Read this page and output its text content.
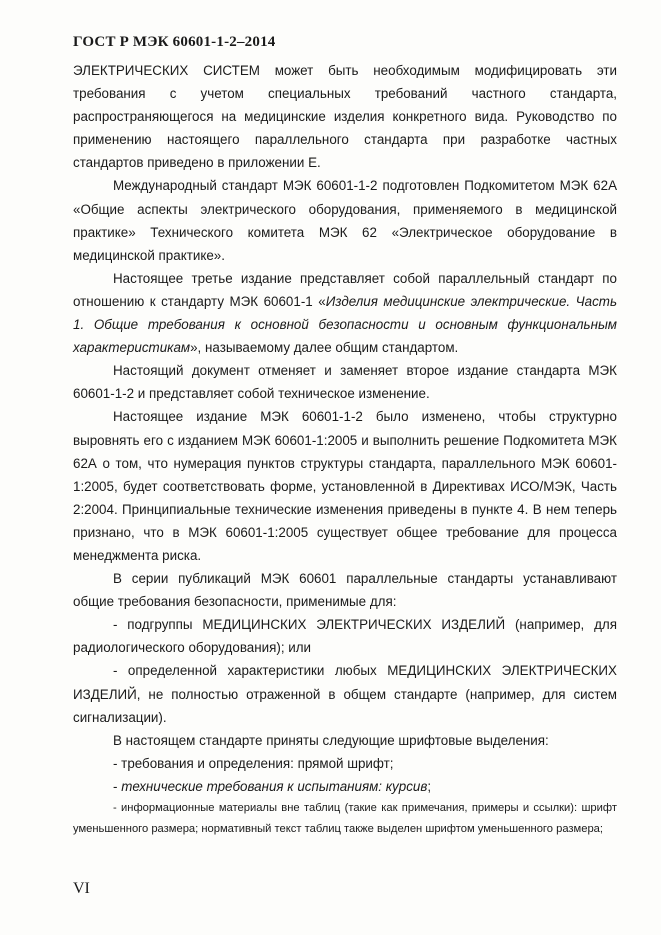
ГОСТ Р МЭК 60601-1-2–2014

ЭЛЕКТРИЧЕСКИХ СИСТЕМ может быть необходимым модифицировать эти требования с учетом специальных требований частного стандарта, распространяющегося на медицинские изделия конкретного вида. Руководство по применению настоящего параллельного стандарта при разработке частных стандартов приведено в приложении Е.

Международный стандарт МЭК 60601-1-2 подготовлен Подкомитетом МЭК 62А «Общие аспекты электрического оборудования, применяемого в медицинской практике» Технического комитета МЭК 62 «Электрическое оборудование в медицинской практике».

Настоящее третье издание представляет собой параллельный стандарт по отношению к стандарту МЭК 60601-1 «Изделия медицинские электрические. Часть 1. Общие требования к основной безопасности и основным функциональным характеристикам», называемому далее общим стандартом.

Настоящий документ отменяет и заменяет второе издание стандарта МЭК 60601-1-2 и представляет собой техническое изменение.

Настоящее издание МЭК 60601-1-2 было изменено, чтобы структурно выровнять его с изданием МЭК 60601-1:2005 и выполнить решение Подкомитета МЭК 62А о том, что нумерация пунктов структуры стандарта, параллельного МЭК 60601-1:2005, будет соответствовать форме, установленной в Директивах ИСО/МЭК, Часть 2:2004. Принципиальные технические изменения приведены в пункте 4. В нем теперь признано, что в МЭК 60601-1:2005 существует общее требование для процесса менеджмента риска.

В серии публикаций МЭК 60601 параллельные стандарты устанавливают общие требования безопасности, применимые для:

- подгруппы МЕДИЦИНСКИХ ЭЛЕКТРИЧЕСКИХ ИЗДЕЛИЙ (например, для радиологического оборудования); или

- определенной характеристики любых МЕДИЦИНСКИХ ЭЛЕКТРИЧЕСКИХ ИЗДЕЛИЙ, не полностью отраженной в общем стандарте (например, для систем сигнализации).

В настоящем стандарте приняты следующие шрифтовые выделения:

- требования и определения: прямой шрифт;

- технические требования к испытаниям: курсив;

- информационные материалы вне таблиц (такие как примечания, примеры и ссылки): шрифт уменьшенного размера; нормативный текст таблиц также выделен шрифтом уменьшенного размера;

VI
